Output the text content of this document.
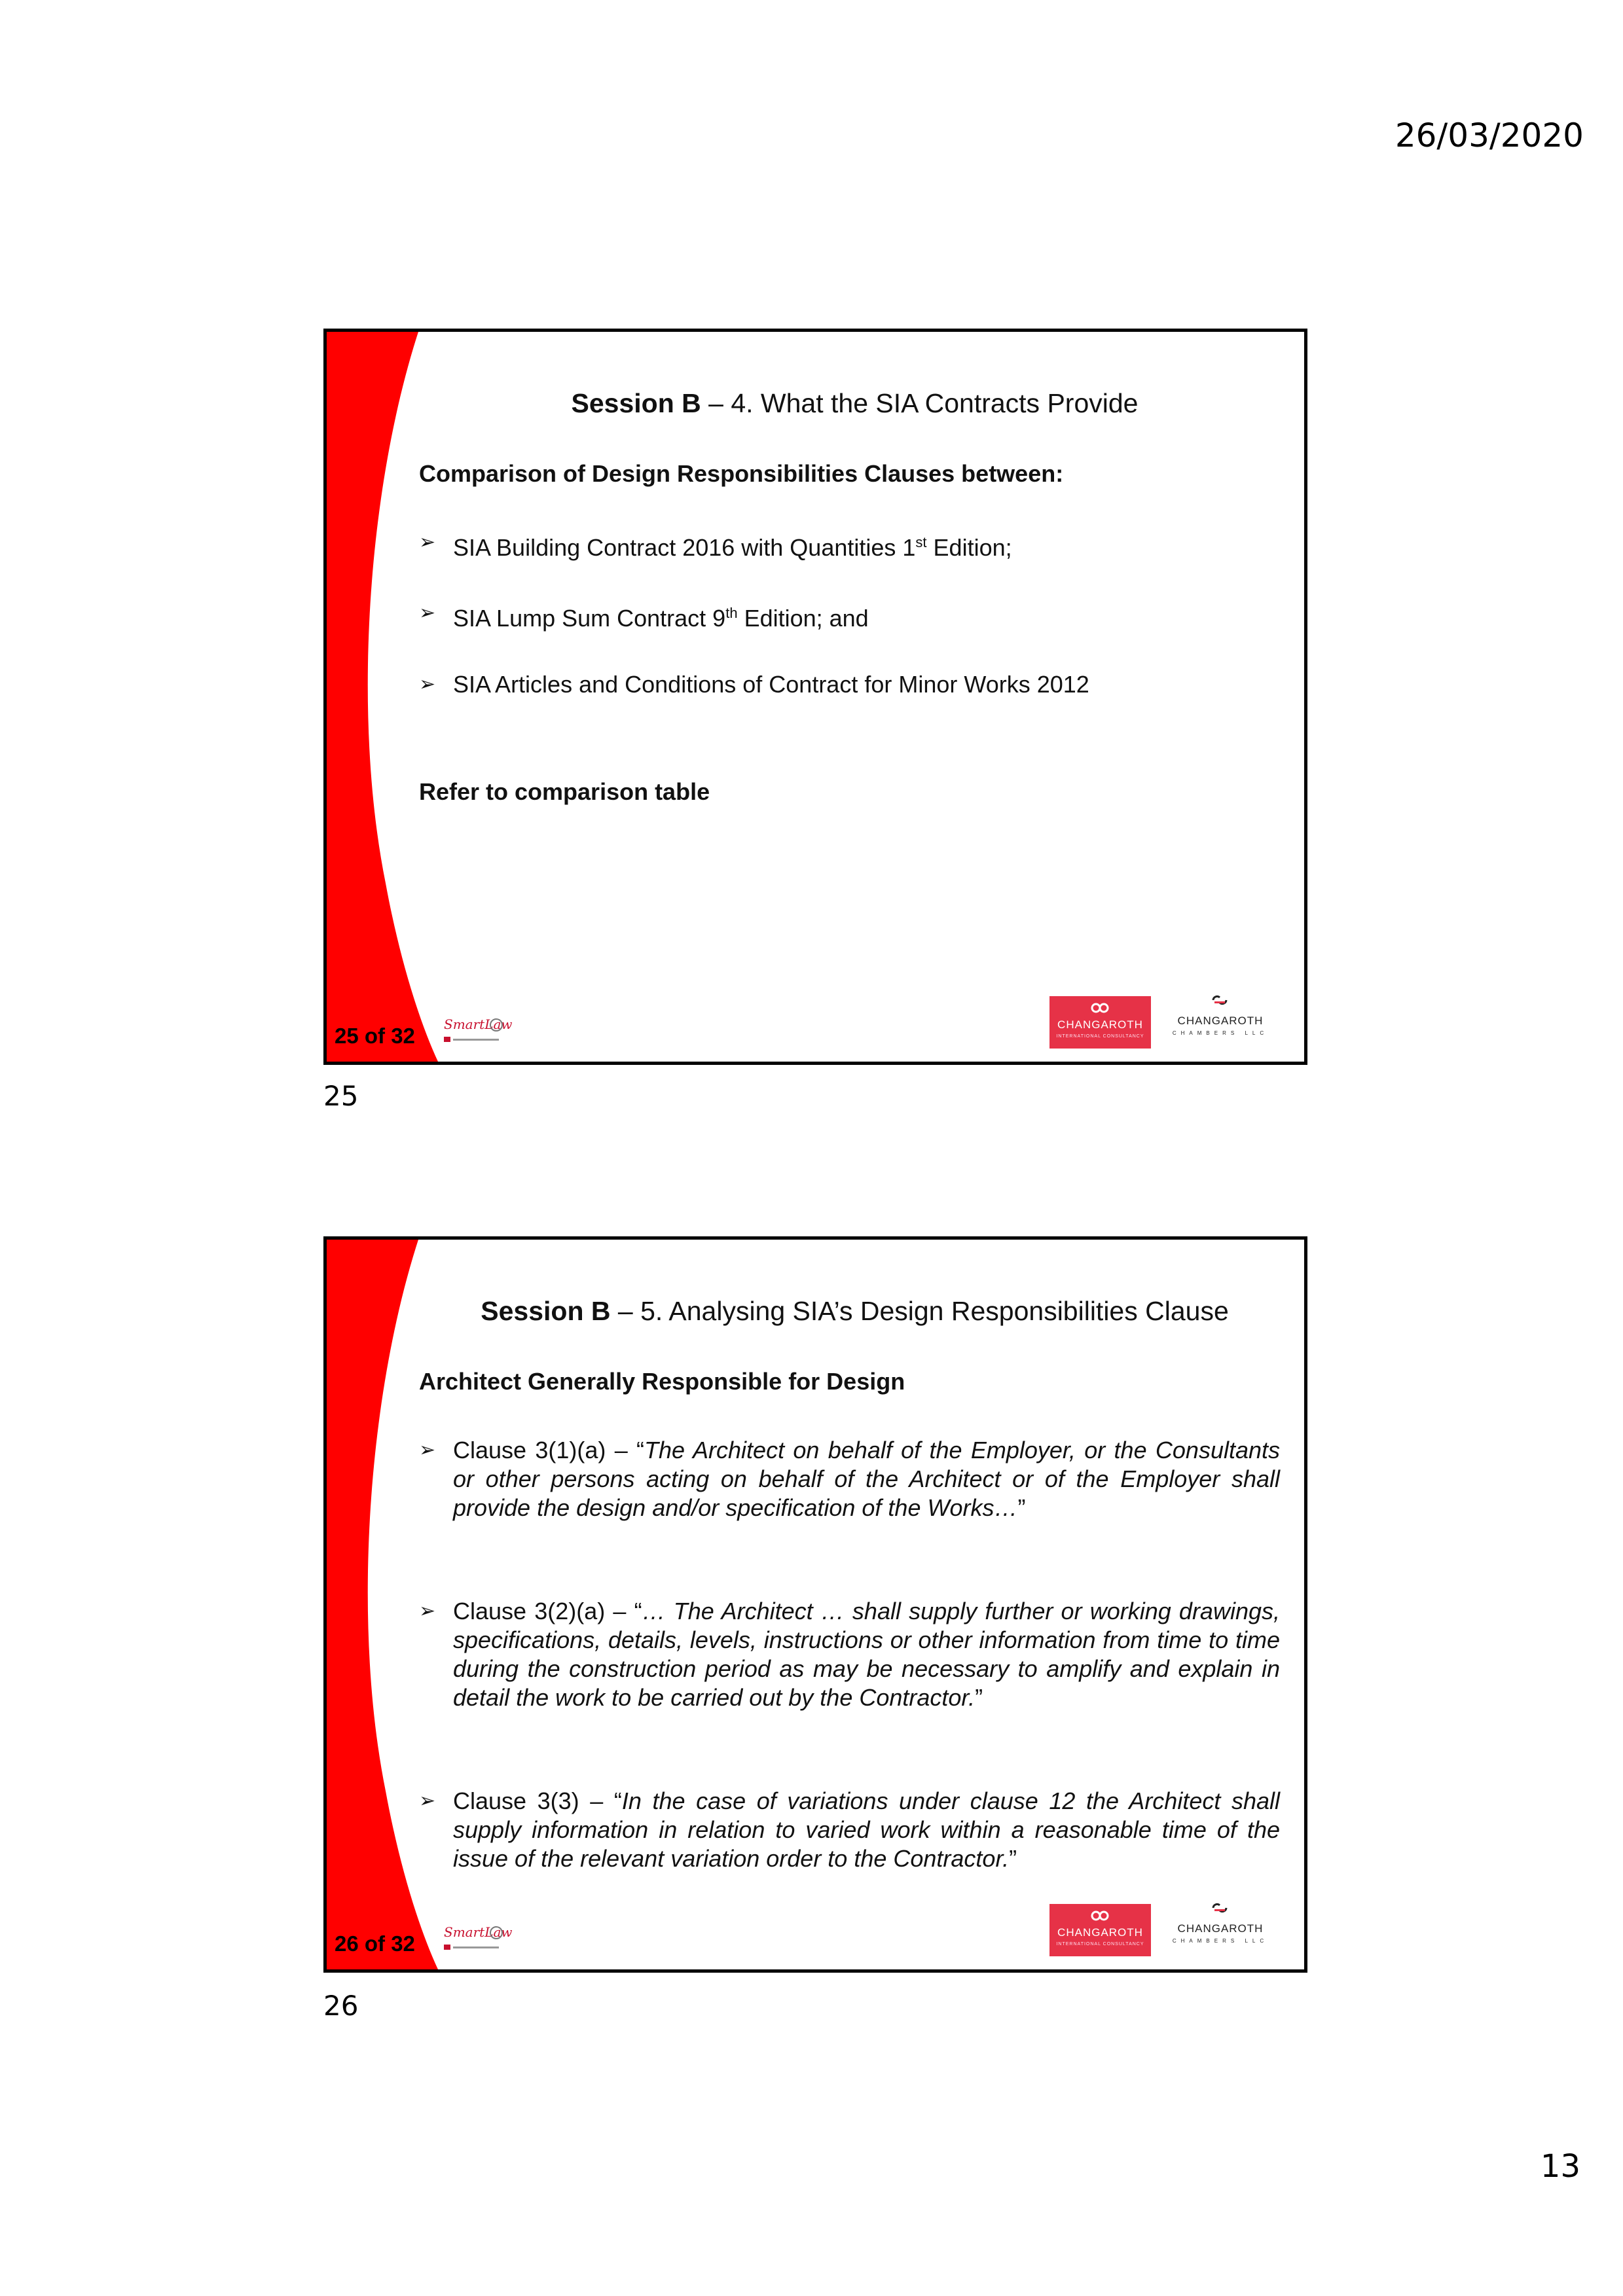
26/03/2020
Session B – 4. What the SIA Contracts Provide
Comparison of Design Responsibilities Clauses between:
➢ SIA Building Contract 2016 with Quantities 1st Edition;
➢ SIA Lump Sum Contract 9th Edition; and
➢ SIA Articles and Conditions of Contract for Minor Works 2012
Refer to comparison table
25 of 32 SmartLaw	CHANGAROTH
INTERNATIONAL CONSULTANCY
CHANGAROTH
CHAMBERS LLC
25
Session B – 5. Analysing SIA’s Design Responsibilities Clause
Architect Generally Responsible for Design
➢ Clause 3(1)(a) – “The Architect on behalf of the Employer, or the Consultants or other persons acting on behalf of the Architect or of the Employer shall provide the design and/or specification of the Works…”
➢ Clause 3(2)(a) – “… The Architect … shall supply further or working drawings, specifications, details, levels, instructions or other information from time to time during the construction period as may be necessary to amplify and explain in detail the work to be carried out by the Contractor.”
➢ Clause 3(3) – “In the case of variations under clause 12 the Architect shall supply information in relation to varied work within a reasonable time of the issue of the relevant variation order to the Contractor.”
26 of 32 SmartLaw	CHANGAROTH
INTERNATIONAL CONSULTANCY
CHANGAROTH
CHAMBERS LLC
26
13
